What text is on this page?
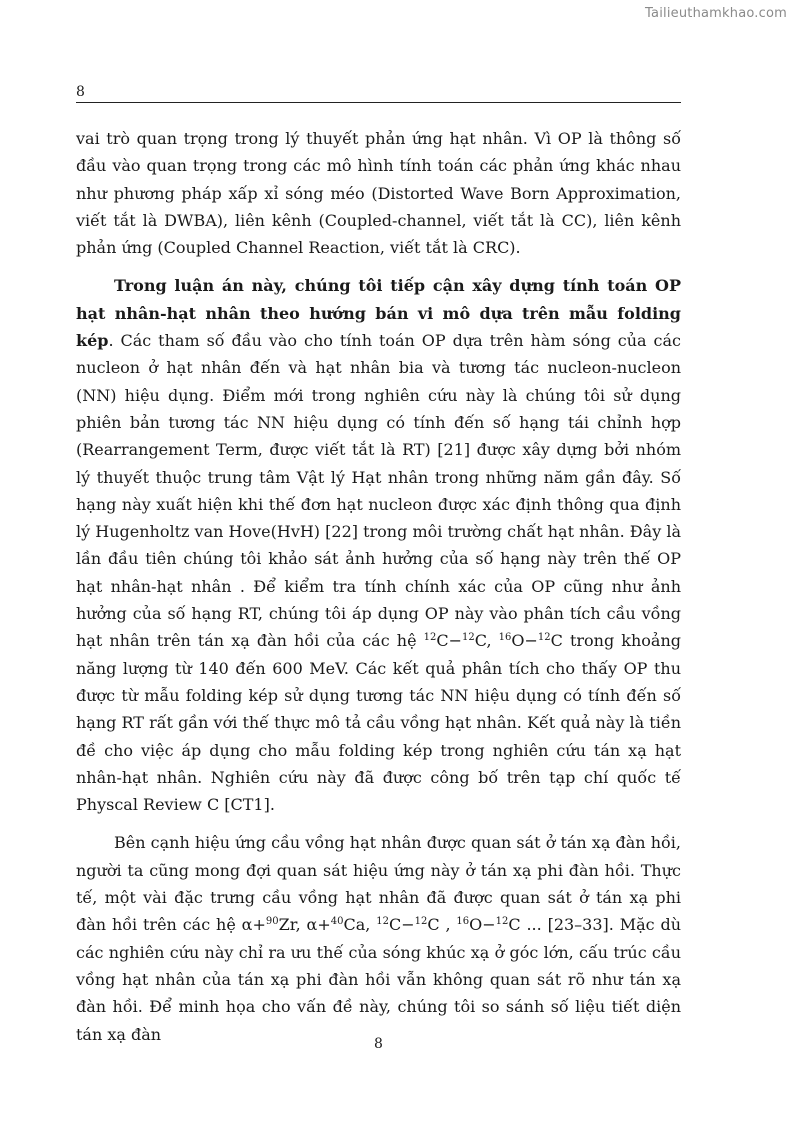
Tailieuthamkhao.com
8

vai trò quan trọng trong lý thuyết phản ứng hạt nhân. Vì OP là thông số đầu vào quan trọng trong các mô hình tính toán các phản ứng khác nhau như phương pháp xấp xỉ sóng méo (Distorted Wave Born Approximation, viết tắt là DWBA), liên kênh (Coupled-channel, viết tắt là CC), liên kênh phản ứng (Coupled Channel Reaction, viết tắt là CRC).

Trong luận án này, chúng tôi tiếp cận xây dựng tính toán OP hạt nhân-hạt nhân theo hướng bán vi mô dựa trên mẫu folding kép. Các tham số đầu vào cho tính toán OP dựa trên hàm sóng của các nucleon ở hạt nhân đến và hạt nhân bia và tương tác nucleon-nucleon (NN) hiệu dụng. Điểm mới trong nghiên cứu này là chúng tôi sử dụng phiên bản tương tác NN hiệu dụng có tính đến số hạng tái chỉnh hợp (Rearrangement Term, được viết tắt là RT) [21] được xây dựng bởi nhóm lý thuyết thuộc trung tâm Vật lý Hạt nhân trong những năm gần đây. Số hạng này xuất hiện khi thế đơn hạt nucleon được xác định thông qua định lý Hugenholtz van Hove(HvH) [22] trong môi trường chất hạt nhân. Đây là lần đầu tiên chúng tôi khảo sát ảnh hưởng của số hạng này trên thế OP hạt nhân-hạt nhân . Để kiểm tra tính chính xác của OP cũng như ảnh hưởng của số hạng RT, chúng tôi áp dụng OP này vào phân tích cầu vồng hạt nhân trên tán xạ đàn hồi của các hệ $^{12}$C−$^{12}$C, $^{16}$O−$^{12}$C trong khoảng năng lượng từ 140 đến 600 MeV. Các kết quả phân tích cho thấy OP thu được từ mẫu folding kép sử dụng tương tác NN hiệu dụng có tính đến số hạng RT rất gần với thế thực mô tả cầu vồng hạt nhân. Kết quả này là tiền đề cho việc áp dụng cho mẫu folding kép trong nghiên cứu tán xạ hạt nhân-hạt nhân. Nghiên cứu này đã được công bố trên tạp chí quốc tế Physcal Review C [CT1].

Bên cạnh hiệu ứng cầu vồng hạt nhân được quan sát ở tán xạ đàn hồi, người ta cũng mong đợi quan sát hiệu ứng này ở tán xạ phi đàn hồi. Thực tế, một vài đặc trưng cầu vồng hạt nhân đã được quan sát ở tán xạ phi đàn hồi trên các hệ α+$^{90}$Zr, α+$^{40}$Ca, $^{12}$C−$^{12}$C , $^{16}$O−$^{12}$C ... [23–33]. Mặc dù các nghiên cứu này chỉ ra ưu thế của sóng khúc xạ ở góc lớn, cấu trúc cầu vồng hạt nhân của tán xạ phi đàn hồi vẫn không quan sát rõ như tán xạ đàn hồi. Để minh họa cho vấn đề này, chúng tôi so sánh số liệu tiết diện tán xạ đàn

8
